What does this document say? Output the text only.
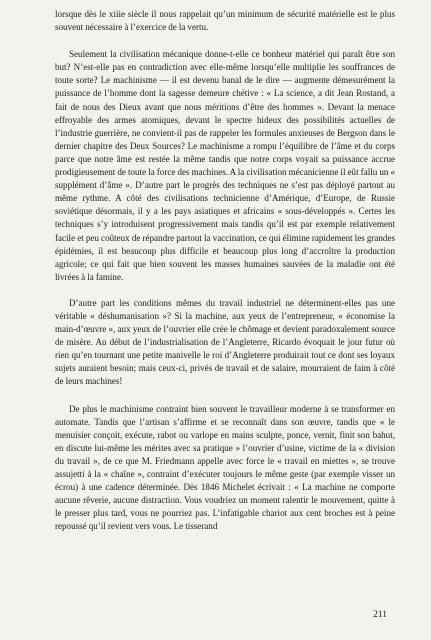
lorsque dès le xiiie siècle il nous rappelait qu’un minimum de sécurité matérielle est le plus souvent nécessaire à l’exercice de la vertu.

Seulement la civilisation mécanique donne-t-elle ce bonheur matériel qui paraît être son but? N’est-elle pas en contradiction avec elle-même lorsqu’elle multiplie les souffrances de toute sorte? Le machinisme — il est devenu banal de le dire — augmente démesurément la puissance de l’homme dont la sagesse demeure chétive : « La science, a dit Jean Rostand, a fait de nous des Dieux avant que nous méritions d’être des hommes ». Devant la menace effroyable des armes atomiques, devant le spectre hideux des possibilités actuelles de l’industrie guerrière, ne convient-il pas de rappeler les formules anxieuses de Bergson dans le dernier chapitre des Deux Sources? Le machinisme a rompu l’équilibre de l’âme et du corps parce que notre âme est restée la même tandis que notre corps voyait sa puissance accrue prodigieusement de toute la force des machines. A la civilisation mécanicienne il eût fallu un « supplément d’âme ». D’autre part le progrès des techniques ne s’est pas déployé partout au même rythme. A côté des civilisations technicienne d’Amérique, d’Europe, de Russie soviétique désormais, il y a les pays asiatiques et africains « sous-développés ». Certes les techniques s’y introduisent progressivement mais tandis qu’il est par exemple relativement facile et peu coûteux de répandre partout la vaccination, ce qui élimine rapidement les grandes épidémies, il est beaucoup plus difficile et beaucoup plus long d’accroître la production agricole; ce qui fait que bien souvent les masses humaines sauvées de la maladie ont été livrées à la famine.

D’autre part les conditions mêmes du travail industriel ne déterminent-elles pas une véritable « déshumanisation »? Si la machine, aux yeux de l’entrepreneur, « économise la main-d’œuvre », aux yeux de l’ouvrier elle crée le chômage et devient paradoxalement source de misère. Au début de l’industrialisation de l’Angleterre, Ricardo évoquait le jour futur où rien qu’en tournant une petite manivelle le roi d’Angleterre produirait tout ce dont ses loyaux sujets auraient besoin; mais ceux-ci, privés de travail et de salaire, mourraient de faim à côté de leurs machines!

De plus le machinisme contraint bien souvent le travailleur moderne à se transformer en automate. Tandis que l’artisan s’affirme et se reconnaît dans son œuvre, tandis que « le menuisier conçoit, exécute, rabot ou varlope en mains sculpte, ponce, vernit, finit son bahut, en discute lui-même les mérites avec sa pratique » l’ouvrier d’usine, victime de la « division du travail », de ce que M. Friedmann appelle avec force le « travail en miettes », se trouve assujetti à la « chaîne », contraint d’exécuter toujours le même geste (par exemple visser un écrou) à une cadence déterminée. Dès 1846 Michelet écrivait : « La machine ne comporte aucune rêverie, aucune distraction. Vous voudriez un moment ralentir le mouvement, quitte à le presser plus tard, vous ne pourriez pas. L’infatigable chariot aux cent broches est à peine repoussé qu’il revient vers vous. Le tisserand

211
